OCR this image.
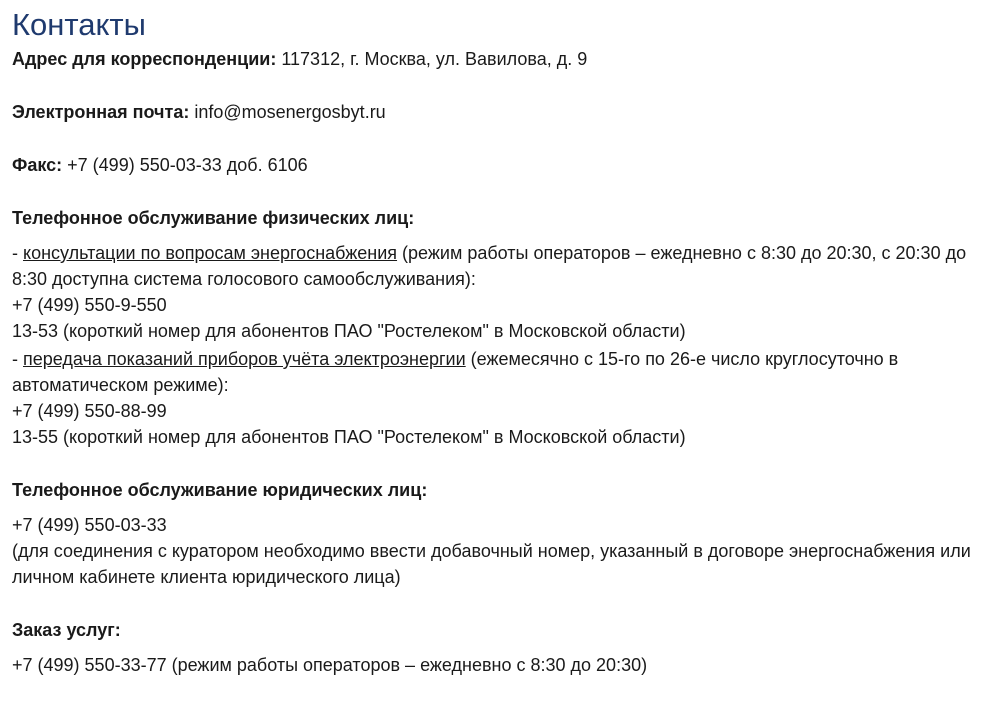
Контакты
Адрес для корреспонденции: 117312, г. Москва, ул. Вавилова, д. 9
Электронная почта: info@mosenergosbyt.ru
Факс: +7 (499) 550-03-33 доб. 6106
Телефонное обслуживание физических лиц:
- консультации по вопросам энергоснабжения (режим работы операторов – ежедневно с 8:30 до 20:30, с 20:30 до 8:30 доступна система голосового самообслуживания):
+7 (499) 550-9-550
13-53 (короткий номер для абонентов ПАО "Ростелеком" в Московской области)
- передача показаний приборов учёта электроэнергии (ежемесячно с 15-го по 26-е число круглосуточно в автоматическом режиме):
+7 (499) 550-88-99
13-55 (короткий номер для абонентов ПАО "Ростелеком" в Московской области)
Телефонное обслуживание юридических лиц:
+7 (499) 550-03-33
(для соединения с куратором необходимо ввести добавочный номер, указанный в договоре энергоснабжения или личном кабинете клиента юридического лица)
Заказ услуг:
+7 (499) 550-33-77 (режим работы операторов – ежедневно с 8:30 до 20:30)
